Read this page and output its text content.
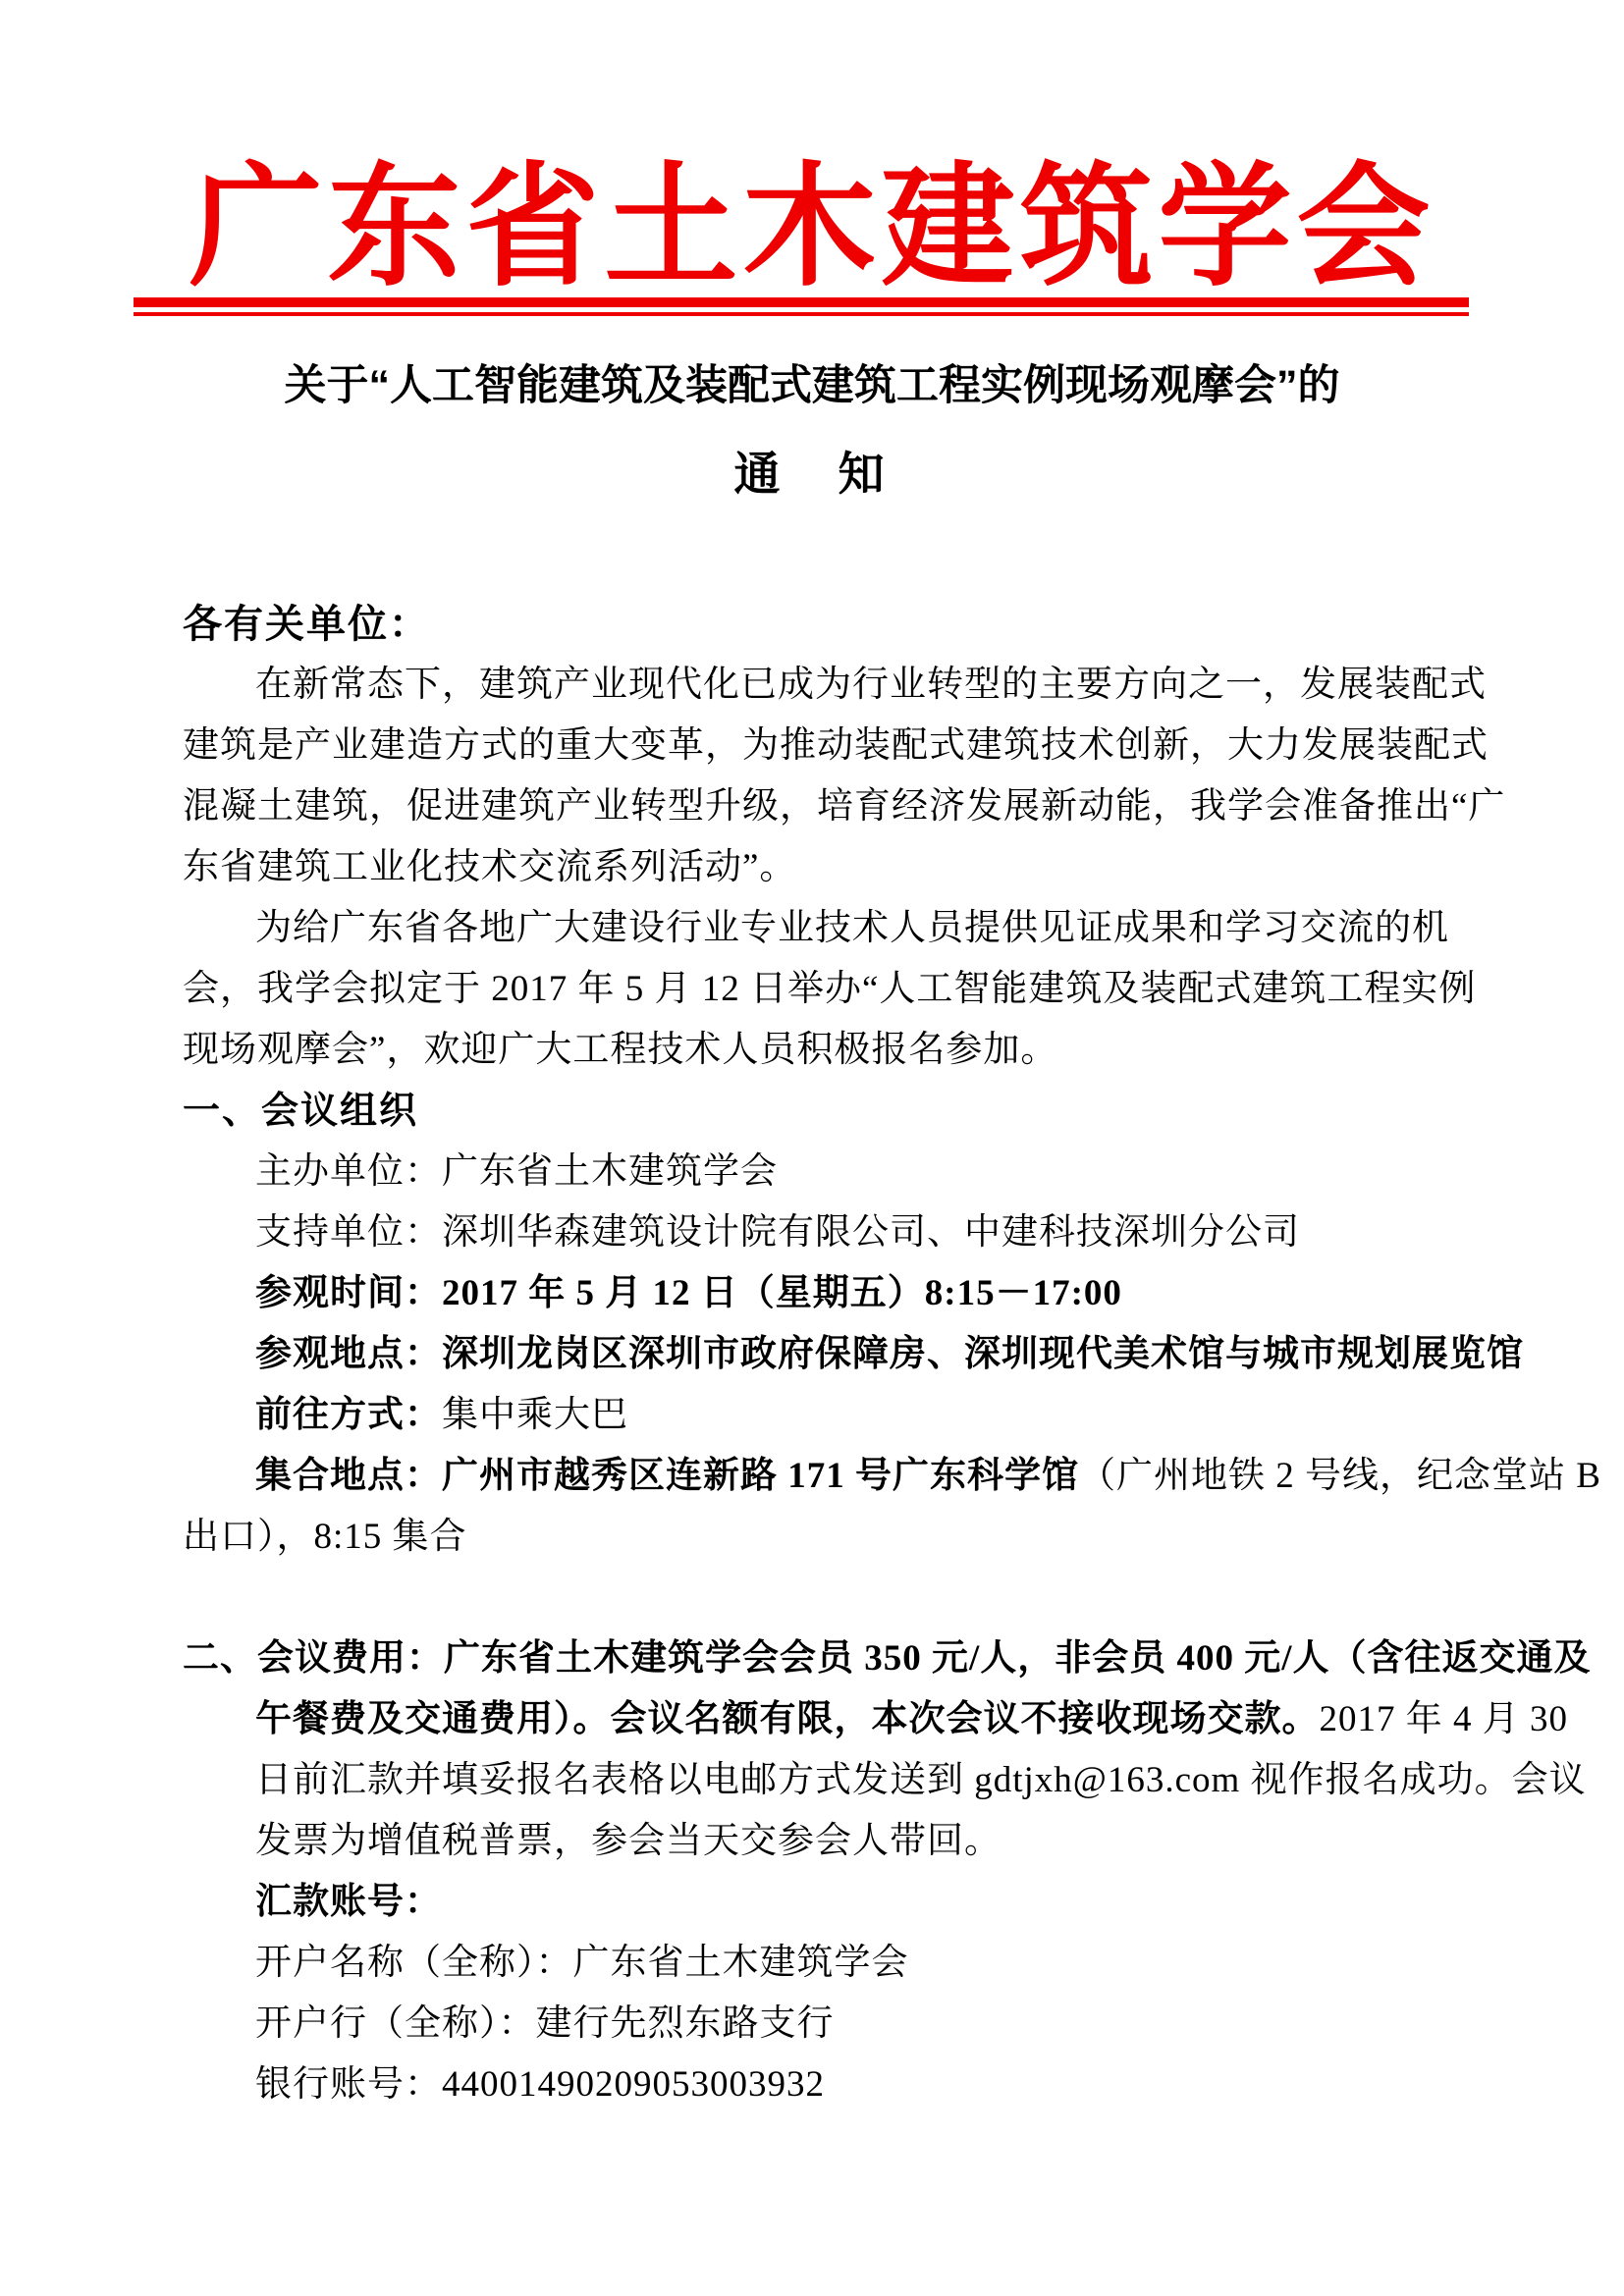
广东省土木建筑学会
关于“人工智能建筑及装配式建筑工程实例现场观摩会”的
通　知
各有关单位：
在新常态下，建筑产业现代化已成为行业转型的主要方向之一，发展装配式
建筑是产业建造方式的重大变革，为推动装配式建筑技术创新，大力发展装配式
混凝土建筑，促进建筑产业转型升级，培育经济发展新动能，我学会准备推出“广
东省建筑工业化技术交流系列活动”。
为给广东省各地广大建设行业专业技术人员提供见证成果和学习交流的机
会，我学会拟定于 2017 年 5 月 12 日举办“人工智能建筑及装配式建筑工程实例
现场观摩会”，欢迎广大工程技术人员积极报名参加。
一、会议组织
主办单位：广东省土木建筑学会
支持单位：深圳华森建筑设计院有限公司、中建科技深圳分公司
参观时间：2017 年 5 月 12 日（星期五）8:15－17:00
参观地点：深圳龙岗区深圳市政府保障房、深圳现代美术馆与城市规划展览馆
前往方式：集中乘大巴
集合地点：广州市越秀区连新路 171 号广东科学馆（广州地铁 2 号线，纪念堂站 B
出口），8:15 集合
二、会议费用：广东省土木建筑学会会员 350 元/人，非会员 400 元/人（含往返交通及
午餐费及交通费用）。会议名额有限，本次会议不接收现场交款。2017 年 4 月 30
日前汇款并填妥报名表格以电邮方式发送到 gdtjxh@163.com 视作报名成功。会议
发票为增值税普票，参会当天交参会人带回。
汇款账号：
开户名称（全称）：广东省土木建筑学会
开户行（全称）：建行先烈东路支行
银行账号：44001490209053003932
